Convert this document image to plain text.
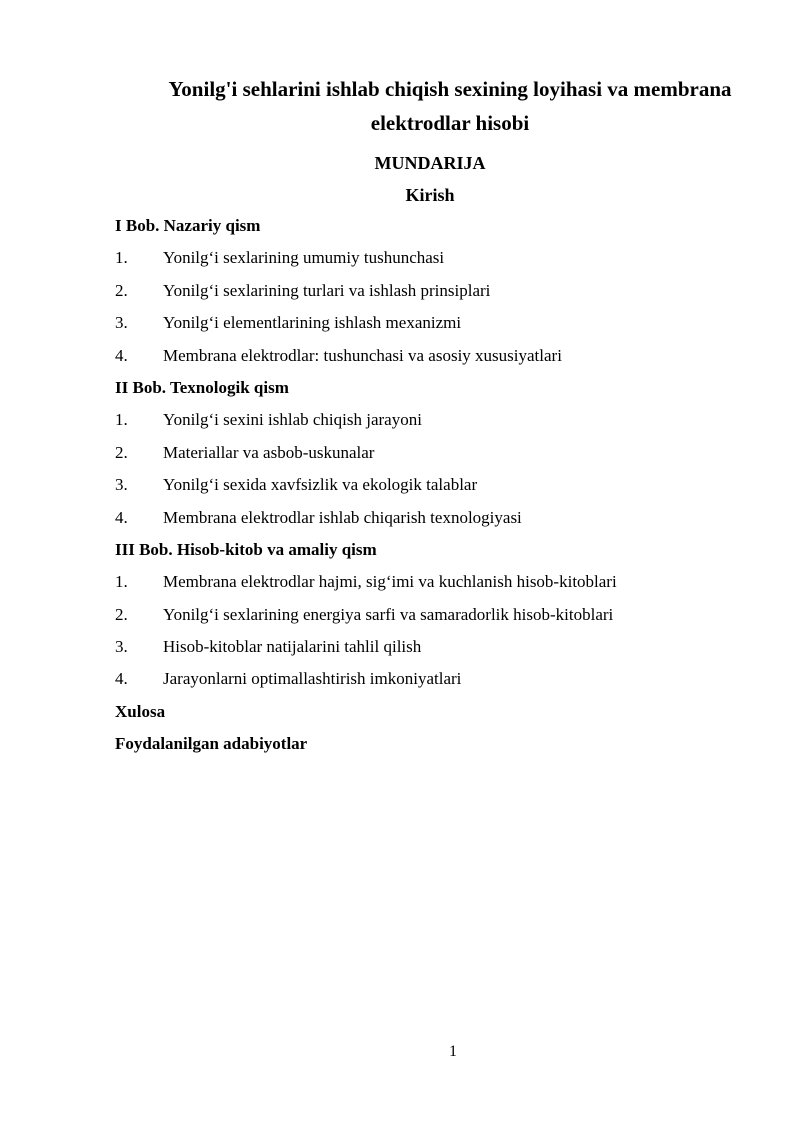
Yonilg'i sehlarini ishlab chiqish sexining loyihasi va membrana elektrodlar hisobi
MUNDARIJA
Kirish
I Bob. Nazariy qism
1. Yonilg‘i sexlarining umumiy tushunchasi
2. Yonilg‘i sexlarining turlari va ishlash prinsiplari
3. Yonilg‘i elementlarining ishlash mexanizmi
4. Membrana elektrodlar: tushunchasi va asosiy xususiyatlari
II Bob. Texnologik qism
1. Yonilg‘i sexini ishlab chiqish jarayoni
2. Materiallar va asbob-uskunalar
3. Yonilg‘i sexida xavfsizlik va ekologik talablar
4. Membrana elektrodlar ishlab chiqarish texnologiyasi
III Bob. Hisob-kitob va amaliy qism
1. Membrana elektrodlar hajmi, sig‘imi va kuchlanish hisob-kitoblari
2. Yonilg‘i sexlarining energiya sarfi va samaradorlik hisob-kitoblari
3. Hisob-kitoblar natijalarini tahlil qilish
4. Jarayonlarni optimallashtirish imkoniyatlari
Xulosa
Foydalanilgan adabiyotlar
1
